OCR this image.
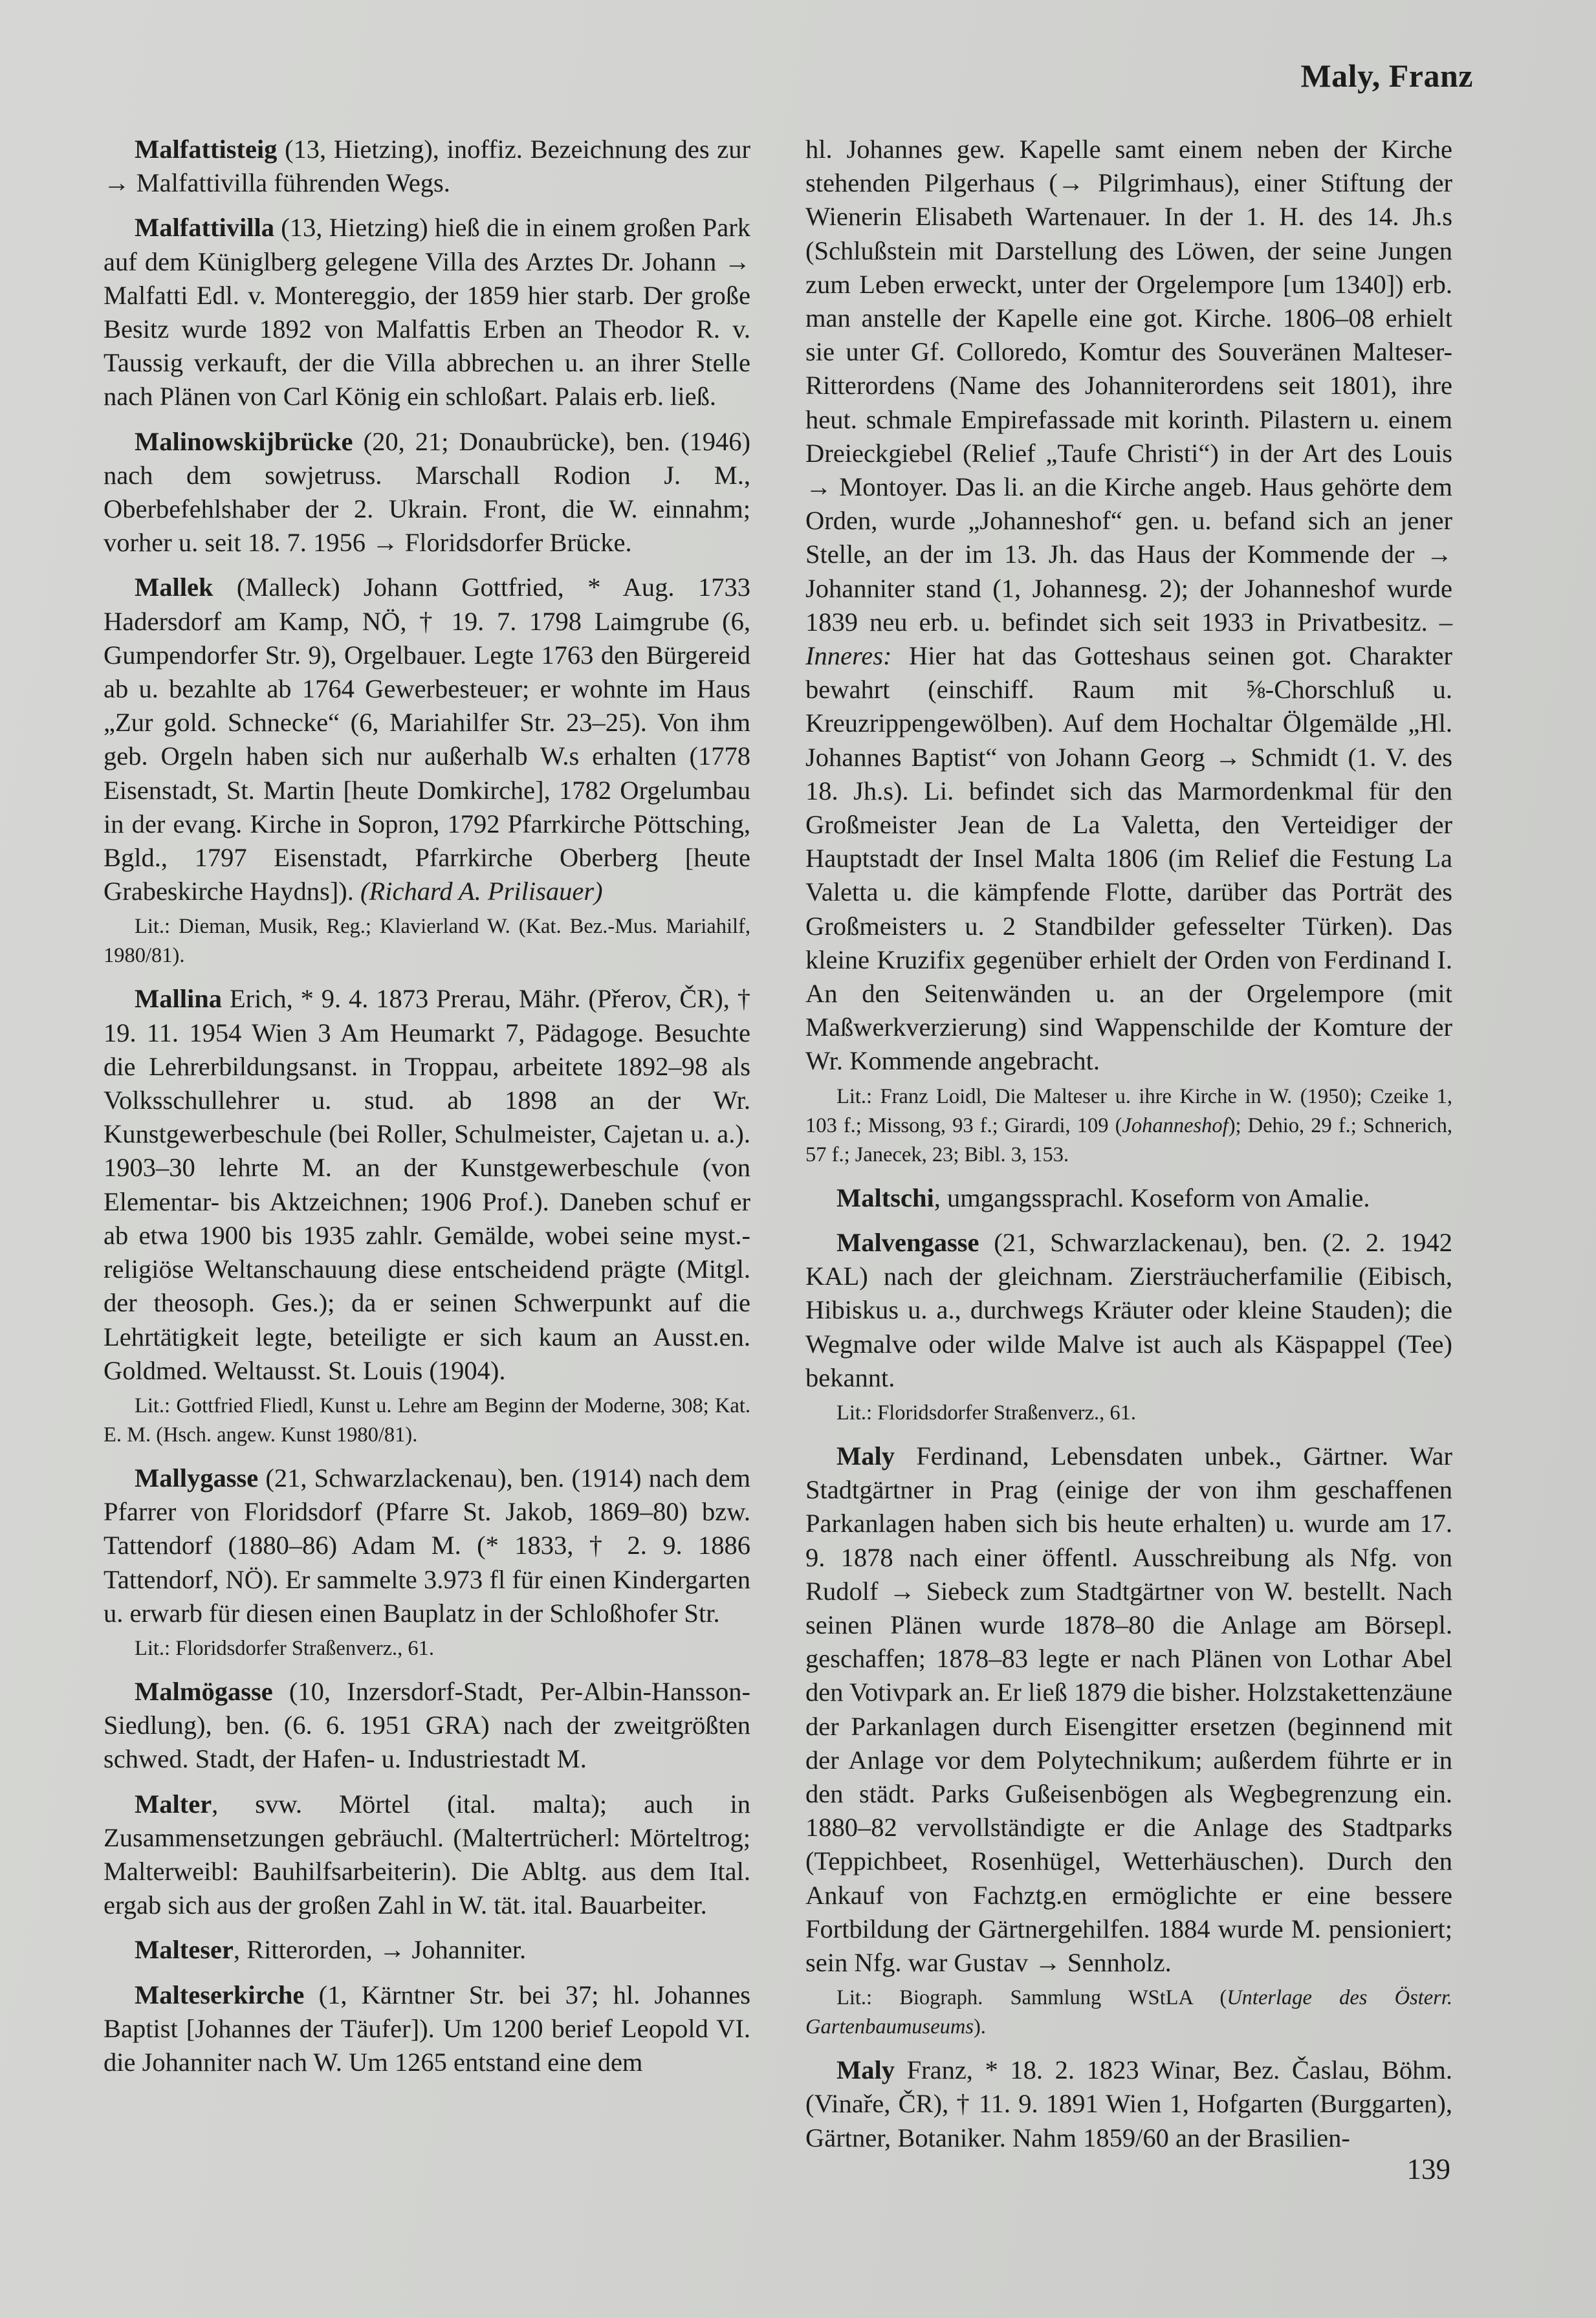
Maly, Franz

Malfattisteig (13, Hietzing), inoffiz. Bezeichnung des zur → Malfattivilla führenden Wegs.

Malfattivilla (13, Hietzing) hieß die in einem großen Park auf dem Küniglberg gelegene Villa des Arztes Dr. Johann → Malfatti Edl. v. Montereggio, der 1859 hier starb. Der große Besitz wurde 1892 von Malfattis Erben an Theodor R. v. Taussig verkauft, der die Villa abbrechen u. an ihrer Stelle nach Plänen von Carl König ein schloßart. Palais erb. ließ.

Malinowskijbrücke (20, 21; Donaubrücke), ben. (1946) nach dem sowjetruss. Marschall Rodion J. M., Oberbefehlshaber der 2. Ukrain. Front, die W. einnahm; vorher u. seit 18. 7. 1956 → Floridsdorfer Brücke.

Mallek (Malleck) Johann Gottfried, * Aug. 1733 Hadersdorf am Kamp, NÖ, † 19. 7. 1798 Laimgrube (6, Gumpendorfer Str. 9), Orgelbauer. Legte 1763 den Bürgereid ab u. bezahlte ab 1764 Gewerbesteuer; er wohnte im Haus „Zur gold. Schnecke“ (6, Mariahilfer Str. 23–25). Von ihm geb. Orgeln haben sich nur außerhalb W.s erhalten (1778 Eisenstadt, St. Martin [heute Domkirche], 1782 Orgelumbau in der evang. Kirche in Sopron, 1792 Pfarrkirche Pöttsching, Bgld., 1797 Eisenstadt, Pfarrkirche Oberberg [heute Grabeskirche Haydns]). (Richard A. Prilisauer)

Lit.: Dieman, Musik, Reg.; Klavierland W. (Kat. Bez.-Mus. Mariahilf, 1980/81).

Mallina Erich, * 9. 4. 1873 Prerau, Mähr. (Přerov, ČR), † 19. 11. 1954 Wien 3 Am Heumarkt 7, Pädagoge. Besuchte die Lehrerbildungsanst. in Troppau, arbeitete 1892–98 als Volksschullehrer u. stud. ab 1898 an der Wr. Kunstgewerbeschule (bei Roller, Schulmeister, Cajetan u. a.). 1903–30 lehrte M. an der Kunstgewerbeschule (von Elementar- bis Aktzeichnen; 1906 Prof.). Daneben schuf er ab etwa 1900 bis 1935 zahlr. Gemälde, wobei seine myst.-religiöse Weltanschauung diese entscheidend prägte (Mitgl. der theosoph. Ges.); da er seinen Schwerpunkt auf die Lehrtätigkeit legte, beteiligte er sich kaum an Ausst.en. Goldmed. Weltausst. St. Louis (1904).

Lit.: Gottfried Fliedl, Kunst u. Lehre am Beginn der Moderne, 308; Kat. E. M. (Hsch. angew. Kunst 1980/81).

Mallygasse (21, Schwarzlackenau), ben. (1914) nach dem Pfarrer von Floridsdorf (Pfarre St. Jakob, 1869–80) bzw. Tattendorf (1880–86) Adam M. (* 1833, † 2. 9. 1886 Tattendorf, NÖ). Er sammelte 3.973 fl für einen Kindergarten u. erwarb für diesen einen Bauplatz in der Schloßhofer Str.

Lit.: Floridsdorfer Straßenverz., 61.

Malmögasse (10, Inzersdorf-Stadt, Per-Albin-Hansson-Siedlung), ben. (6. 6. 1951 GRA) nach der zweitgrößten schwed. Stadt, der Hafen- u. Industriestadt M.

Malter, svw. Mörtel (ital. malta); auch in Zusammensetzungen gebräuchl. (Maltertrücherl: Mörteltrog; Malterweibl: Bauhilfsarbeiterin). Die Abltg. aus dem Ital. ergab sich aus der großen Zahl in W. tät. ital. Bauarbeiter.

Malteser, Ritterorden, → Johanniter.

Malteserkirche (1, Kärntner Str. bei 37; hl. Johannes Baptist [Johannes der Täufer]). Um 1200 berief Leopold VI. die Johanniter nach W. Um 1265 entstand eine dem

hl. Johannes gew. Kapelle samt einem neben der Kirche stehenden Pilgerhaus (→ Pilgrimhaus), einer Stiftung der Wienerin Elisabeth Wartenauer. In der 1. H. des 14. Jh.s (Schlußstein mit Darstellung des Löwen, der seine Jungen zum Leben erweckt, unter der Orgelempore [um 1340]) erb. man anstelle der Kapelle eine got. Kirche. 1806–08 erhielt sie unter Gf. Colloredo, Komtur des Souveränen Malteser-Ritterordens (Name des Johanniterordens seit 1801), ihre heut. schmale Empirefassade mit korinth. Pilastern u. einem Dreieckgiebel (Relief „Taufe Christi“) in der Art des Louis → Montoyer. Das li. an die Kirche angeb. Haus gehörte dem Orden, wurde „Johanneshof“ gen. u. befand sich an jener Stelle, an der im 13. Jh. das Haus der Kommende der → Johanniter stand (1, Johannesg. 2); der Johanneshof wurde 1839 neu erb. u. befindet sich seit 1933 in Privatbesitz. – Inneres: Hier hat das Gotteshaus seinen got. Charakter bewahrt (einschiff. Raum mit ⅝-Chorschluß u. Kreuzrippengewölben). Auf dem Hochaltar Ölgemälde „Hl. Johannes Baptist“ von Johann Georg → Schmidt (1. V. des 18. Jh.s). Li. befindet sich das Marmordenkmal für den Großmeister Jean de La Valetta, den Verteidiger der Hauptstadt der Insel Malta 1806 (im Relief die Festung La Valetta u. die kämpfende Flotte, darüber das Porträt des Großmeisters u. 2 Standbilder gefesselter Türken). Das kleine Kruzifix gegenüber erhielt der Orden von Ferdinand I. An den Seitenwänden u. an der Orgelempore (mit Maßwerkverzierung) sind Wappenschilde der Komture der Wr. Kommende angebracht.

Lit.: Franz Loidl, Die Malteser u. ihre Kirche in W. (1950); Czeike 1, 103 f.; Missong, 93 f.; Girardi, 109 (Johanneshof); Dehio, 29 f.; Schnerich, 57 f.; Janecek, 23; Bibl. 3, 153.

Maltschi, umgangssprachl. Koseform von Amalie.

Malvengasse (21, Schwarzlackenau), ben. (2. 2. 1942 KAL) nach der gleichnam. Ziersträucherfamilie (Eibisch, Hibiskus u. a., durchwegs Kräuter oder kleine Stauden); die Wegmalve oder wilde Malve ist auch als Käspappel (Tee) bekannt.

Lit.: Floridsdorfer Straßenverz., 61.

Maly Ferdinand, Lebensdaten unbek., Gärtner. War Stadtgärtner in Prag (einige der von ihm geschaffenen Parkanlagen haben sich bis heute erhalten) u. wurde am 17. 9. 1878 nach einer öffentl. Ausschreibung als Nfg. von Rudolf → Siebeck zum Stadtgärtner von W. bestellt. Nach seinen Plänen wurde 1878–80 die Anlage am Börsepl. geschaffen; 1878–83 legte er nach Plänen von Lothar Abel den Votivpark an. Er ließ 1879 die bisher. Holzstakettenzäune der Parkanlagen durch Eisengitter ersetzen (beginnend mit der Anlage vor dem Polytechnikum; außerdem führte er in den städt. Parks Gußeisenbögen als Wegbegrenzung ein. 1880–82 vervollständigte er die Anlage des Stadtparks (Teppichbeet, Rosenhügel, Wetterhäuschen). Durch den Ankauf von Fachztg.en ermöglichte er eine bessere Fortbildung der Gärtnergehilfen. 1884 wurde M. pensioniert; sein Nfg. war Gustav → Sennholz.

Lit.: Biograph. Sammlung WStLA (Unterlage des Österr. Gartenbaumuseums).

Maly Franz, * 18. 2. 1823 Winar, Bez. Časlau, Böhm. (Vinaře, ČR), † 11. 9. 1891 Wien 1, Hofgarten (Burggarten), Gärtner, Botaniker. Nahm 1859/60 an der Brasilien-

139
